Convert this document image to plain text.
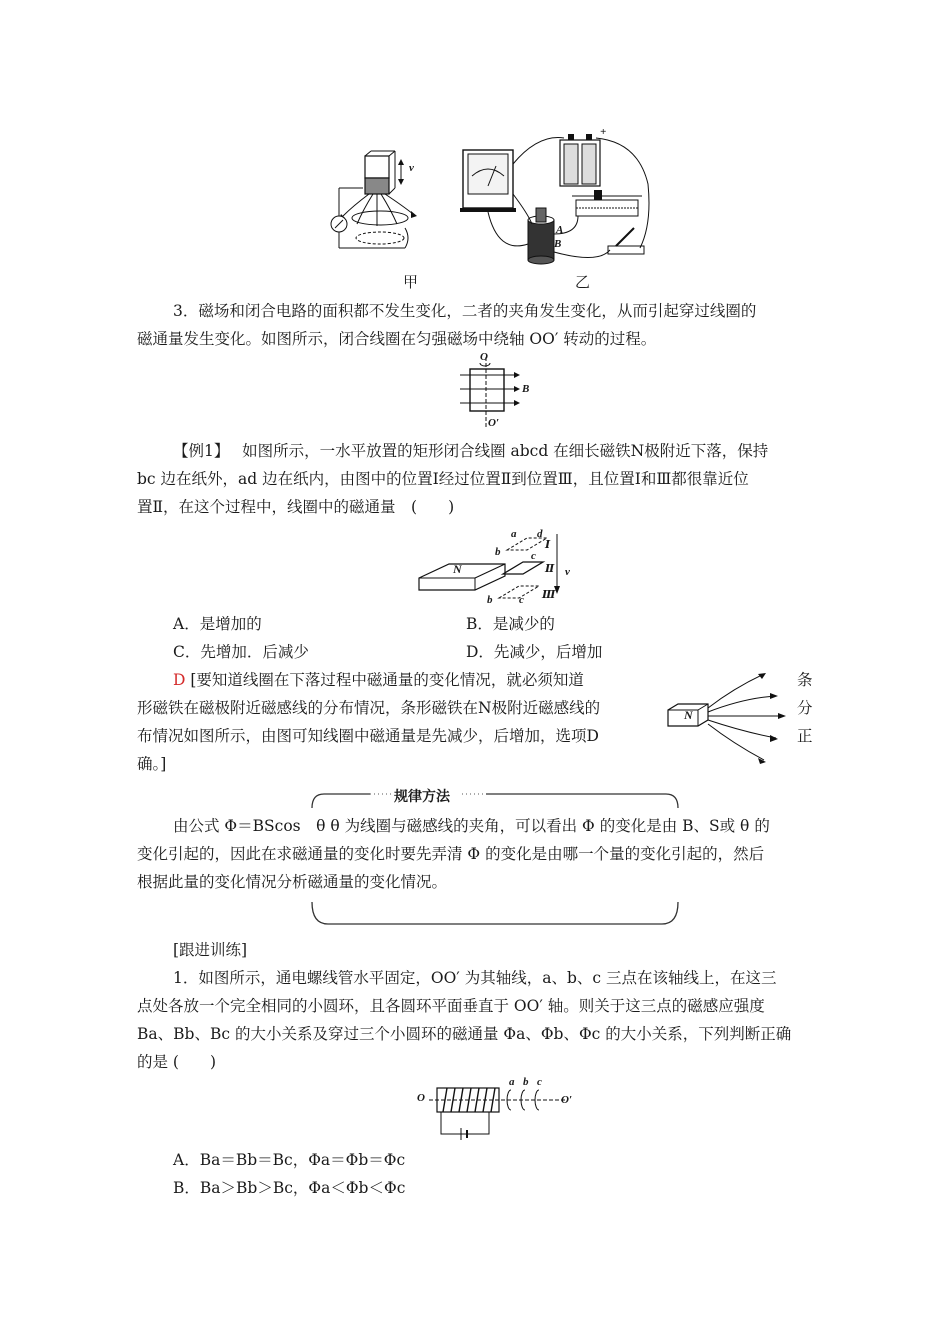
v
A
B
+
甲	乙
3．磁场和闭合电路的面积都不发生变化，二者的夹角发生变化，从而引起穿过线圈的
磁通量发生变化。如图所示，闭合线圈在匀强磁场中绕轴 OO′ 转动的过程。
O
B
O′
【例1】　 如图所示，一水平放置的矩形闭合线圈 abcd 在细长磁铁N极附近下落，保持
bc 边在纸外，ad 边在纸内，由图中的位置Ⅰ经过位置Ⅱ到位置Ⅲ，且位置Ⅰ和Ⅲ都很靠近位
置Ⅱ，在这个过程中，线圈中的磁通量　(　　)
N
a d
b	c
Ⅰ
Ⅱ
Ⅲ
v
b c
A．是增加的	B．是减少的
C．先增加．后减少	D．先减少，后增加
D [要知道线圈在下落过程中磁通量的变化情况，就必须知道
形磁铁在磁极附近磁感线的分布情况，条形磁铁在N极附近磁感线的
布情况如图所示，由图可知线圈中磁通量是先减少，后增加，选项D
确。]
条
分
正
N
规律方法
由公式 Φ＝BScos　θ θ 为线圈与磁感线的夹角，可以看出 Φ 的变化是由 B、S或 θ 的
变化引起的，因此在求磁通量的变化时要先弄清 Φ 的变化是由哪一个量的变化引起的，然后
根据此量的变化情况分析磁通量的变化情况。
[跟进训练]
1．如图所示，通电螺线管水平固定，OO′ 为其轴线，a、b、c 三点在该轴线上，在这三
点处各放一个完全相同的小圆环，且各圆环平面垂直于 OO′ 轴。则关于这三点的磁感应强度
Ba、Bb、Bc 的大小关系及穿过三个小圆环的磁通量 Φa、Φb、Φc 的大小关系，下列判断正确
的是 (　　)
O
a b c
O′
A．Ba＝Bb＝Bc，Φa＝Φb＝Φc
B．Ba＞Bb＞Bc，Φa＜Φb＜Φc
